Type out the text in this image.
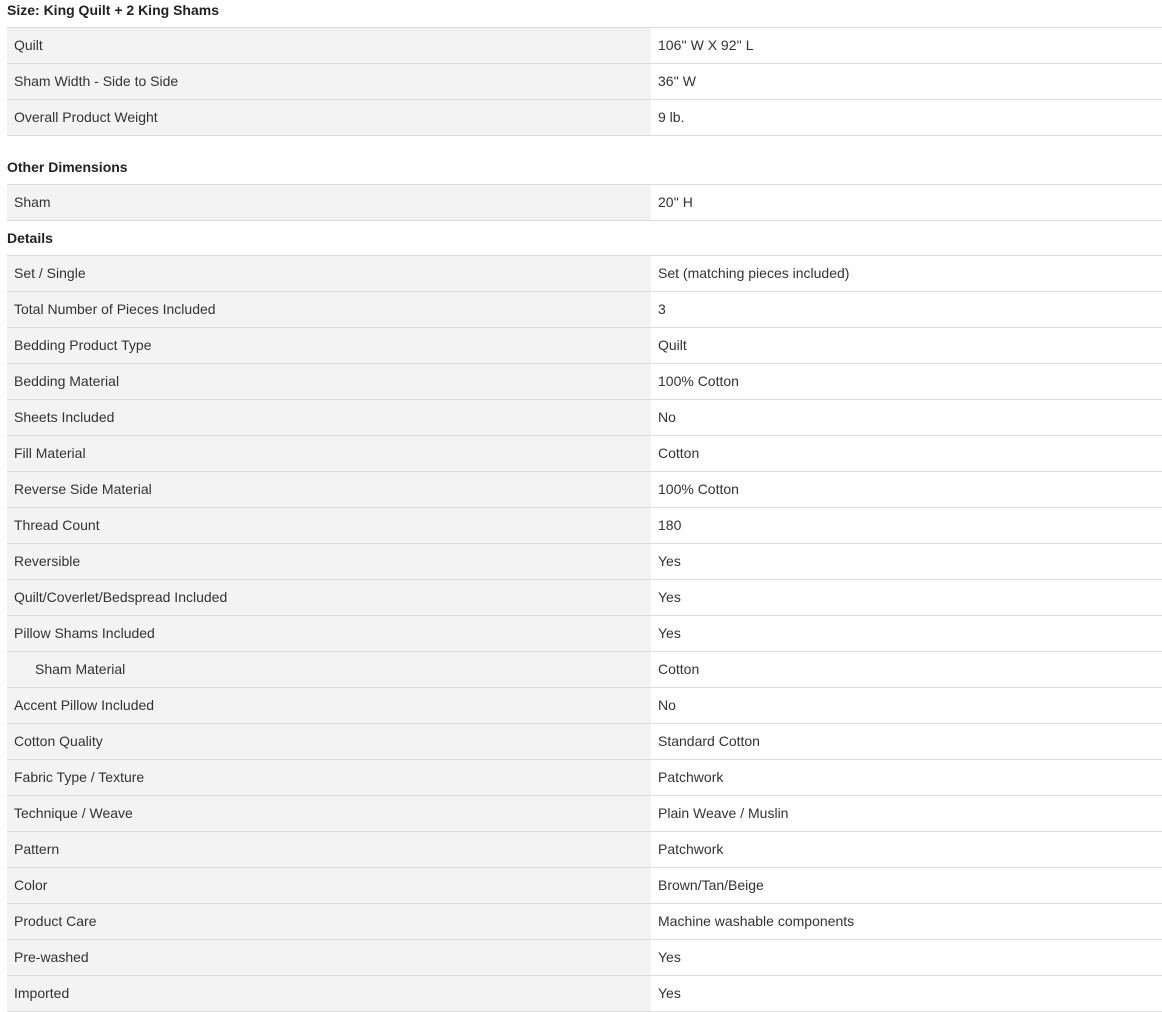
Size: King Quilt + 2 King Shams
Quilt	106'' W X 92'' L
Sham Width - Side to Side	36'' W
Overall Product Weight	9 lb.
Other Dimensions
Sham	20'' H
Details
Set / Single	Set (matching pieces included)
Total Number of Pieces Included	3
Bedding Product Type	Quilt
Bedding Material	100% Cotton
Sheets Included	No
Fill Material	Cotton
Reverse Side Material	100% Cotton
Thread Count	180
Reversible	Yes
Quilt/Coverlet/Bedspread Included	Yes
Pillow Shams Included	Yes
Sham Material	Cotton
Accent Pillow Included	No
Cotton Quality	Standard Cotton
Fabric Type / Texture	Patchwork
Technique / Weave	Plain Weave / Muslin
Pattern	Patchwork
Color	Brown/Tan/Beige
Product Care	Machine washable components
Pre-washed	Yes
Imported	Yes
